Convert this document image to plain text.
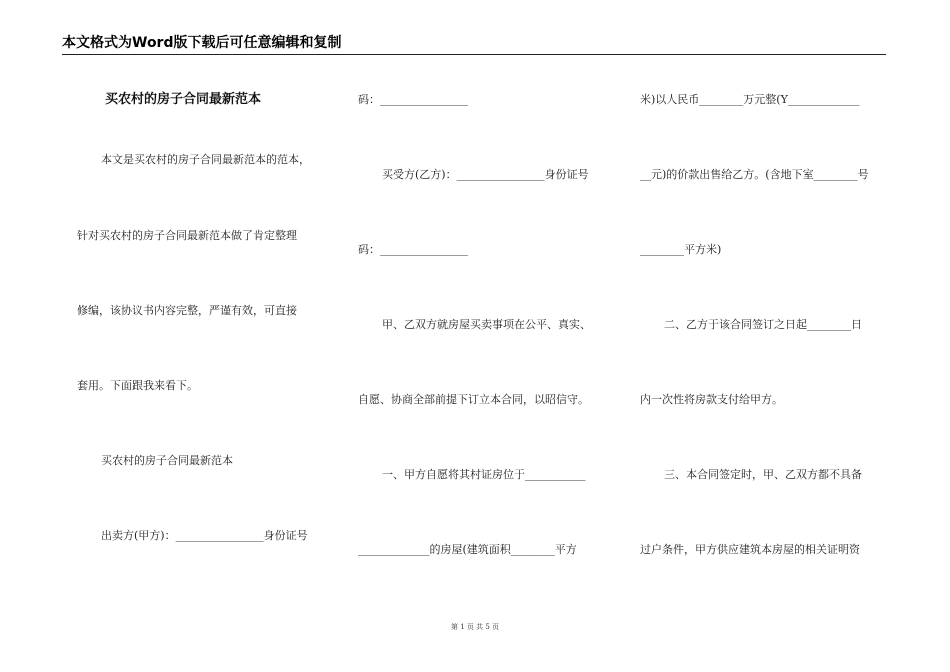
本文格式为Word版下载后可任意编辑和复制
买农村的房子合同最新范本
本文是买农村的房子合同最新范本的范本，
针对买农村的房子合同最新范本做了肯定整理
修编，该协议书内容完整，严谨有效，可直接
套用。下面跟我来看下。
买农村的房子合同最新范本
出卖方(甲方)：________________身份证号
码：________________
买受方(乙方)：________________身份证号
码：________________
甲、乙双方就房屋买卖事项在公平、真实、
自愿、协商全部前提下订立本合同，以昭信守。
一、甲方自愿将其村证房位于___________
_____________的房屋(建筑面积________平方
米)以人民币________万元整(Y_____________
__元)的价款出售给乙方。(含地下室________号
________平方米)
二、乙方于该合同签订之日起________日
内一次性将房款支付给甲方。
三、本合同签定时，甲、乙双方都不具备
过户条件，甲方供应建筑本房屋的相关证明资
第 1 页 共 5 页
